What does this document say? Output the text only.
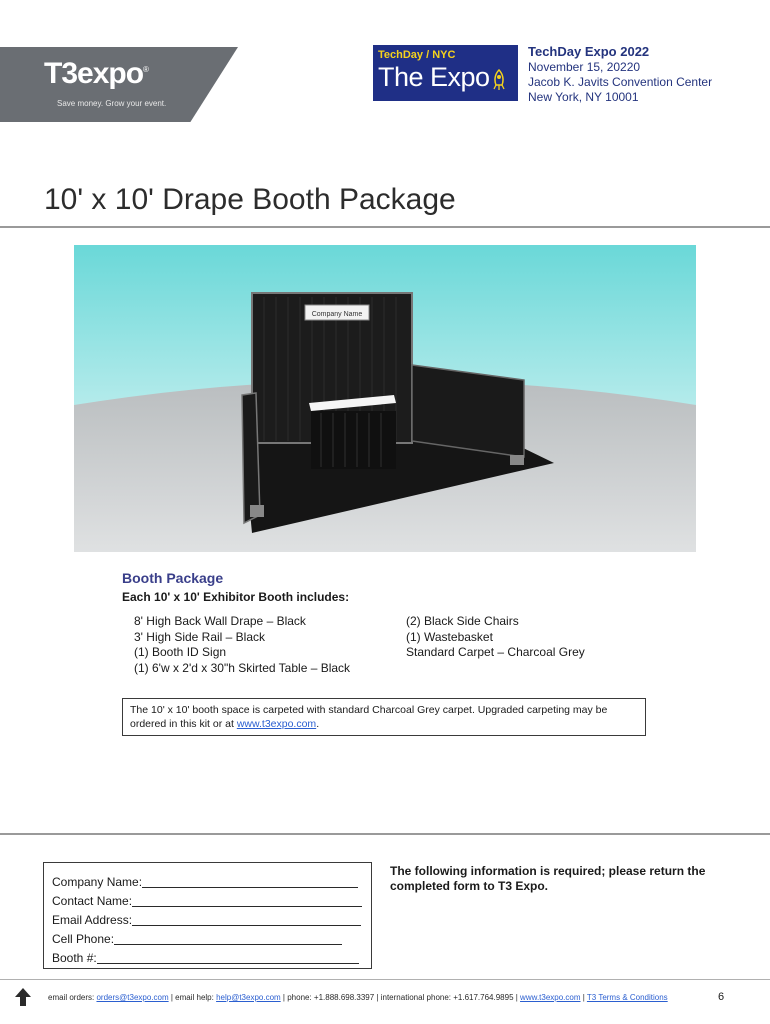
T3expo®
Save money. Grow your event.
TechDay / NYC
The Expo
TechDay Expo 2022
November 15, 20220
Jacob K. Javits Convention Center
New York, NY 10001
10' x 10' Drape Booth Package
Company Name
Booth Package
Each 10' x 10' Exhibitor Booth includes:
8' High Back Wall Drape – Black
3' High Side Rail – Black
(1) Booth ID Sign
(1) 6'w x 2'd x 30"h Skirted Table – Black
(2) Black Side Chairs
(1) Wastebasket
Standard Carpet – Charcoal Grey
The 10' x 10' booth space is carpeted with standard Charcoal Grey carpet. Upgraded carpeting may be ordered in this kit or at www.t3expo.com.
Company Name:
Contact Name:
Email Address:
Cell Phone:
Booth #:
The following information is required; please return the completed form to T3 Expo.
email orders: orders@t3expo.com | email help: help@t3expo.com | phone: +1.888.698.3397 | international phone: +1.617.764.9895 | www.t3expo.com | T3 Terms & Conditions	6
